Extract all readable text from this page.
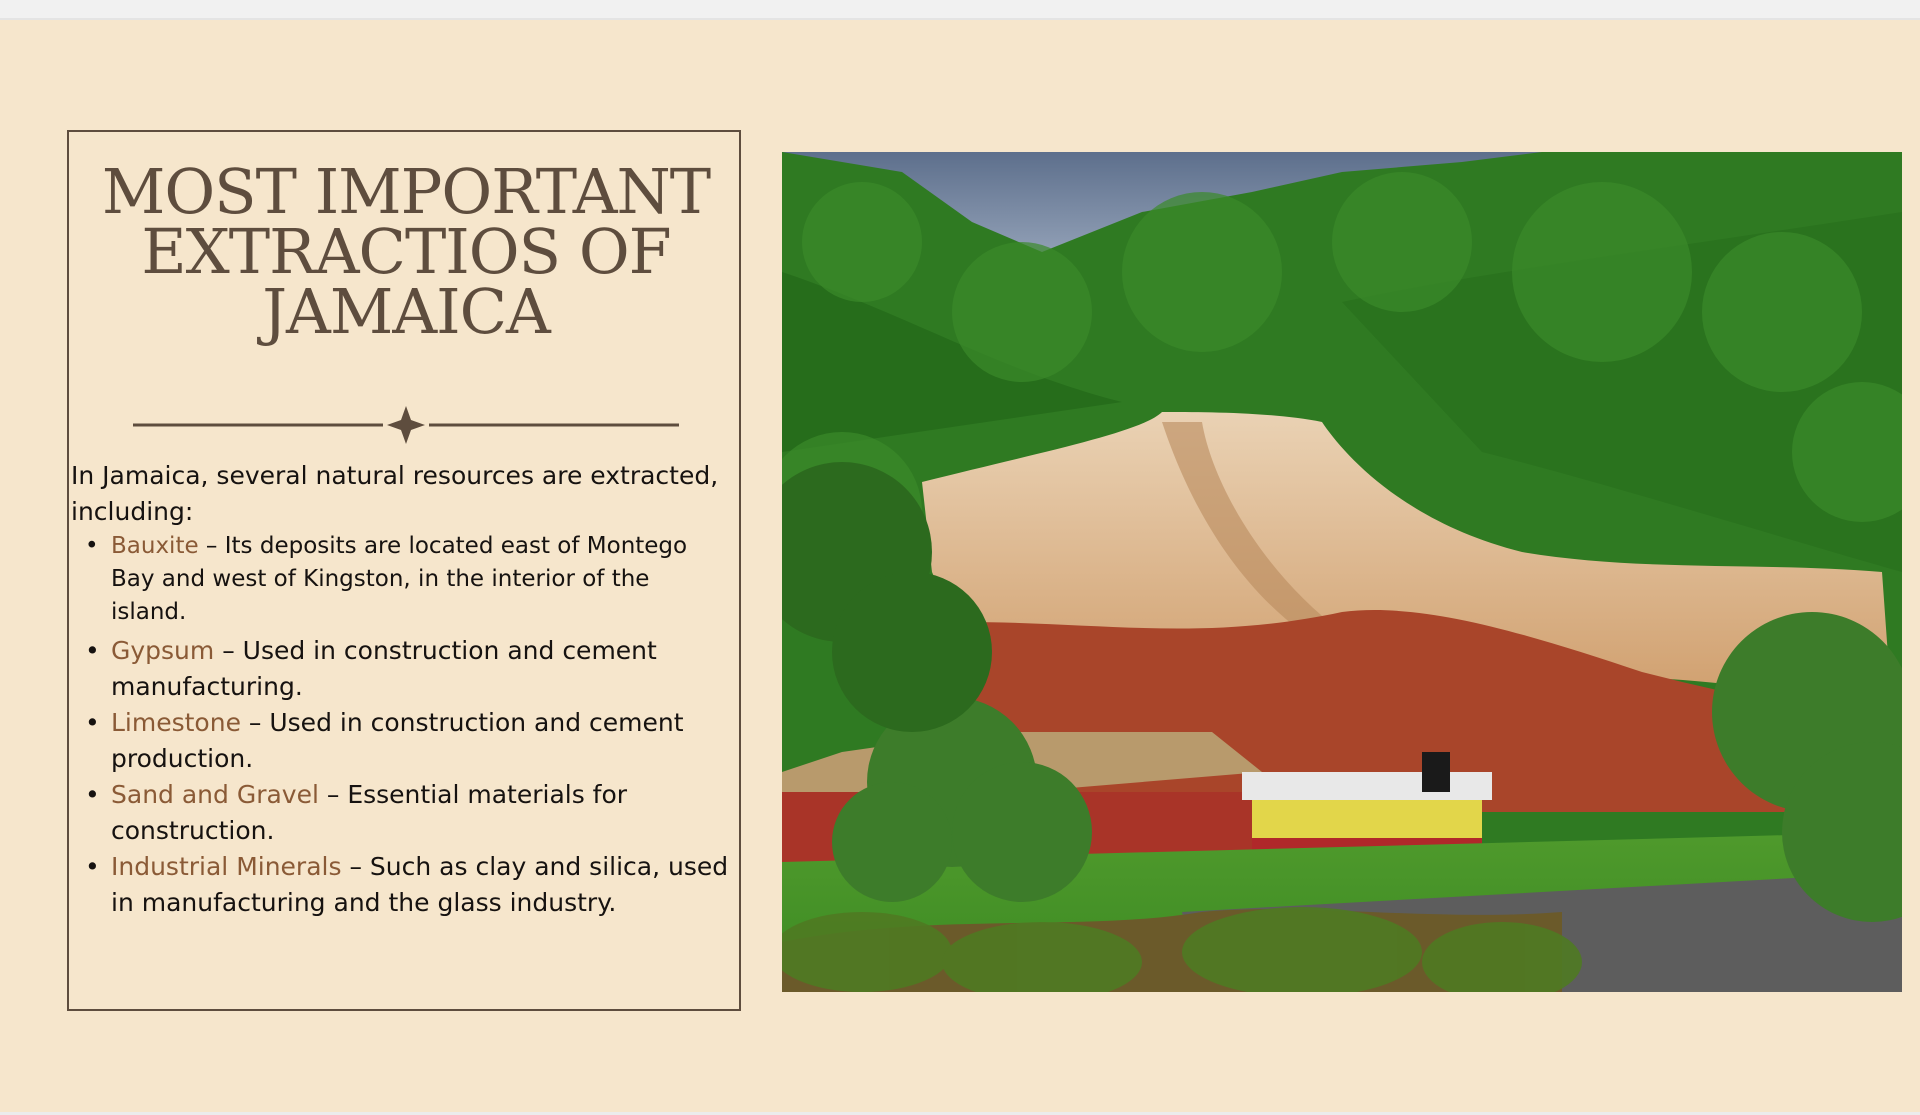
MOST IMPORTANT
EXTRACTIOS OF
JAMAICA

In Jamaica, several natural resources are extracted, including:

• Bauxite – Its deposits are located east of Montego Bay and west of Kingston, in the interior of the island.
• Gypsum – Used in construction and cement manufacturing.
• Limestone – Used in construction and cement production.
• Sand and Gravel – Essential materials for construction.
• Industrial Minerals – Such as clay and silica, used in manufacturing and the glass industry.
